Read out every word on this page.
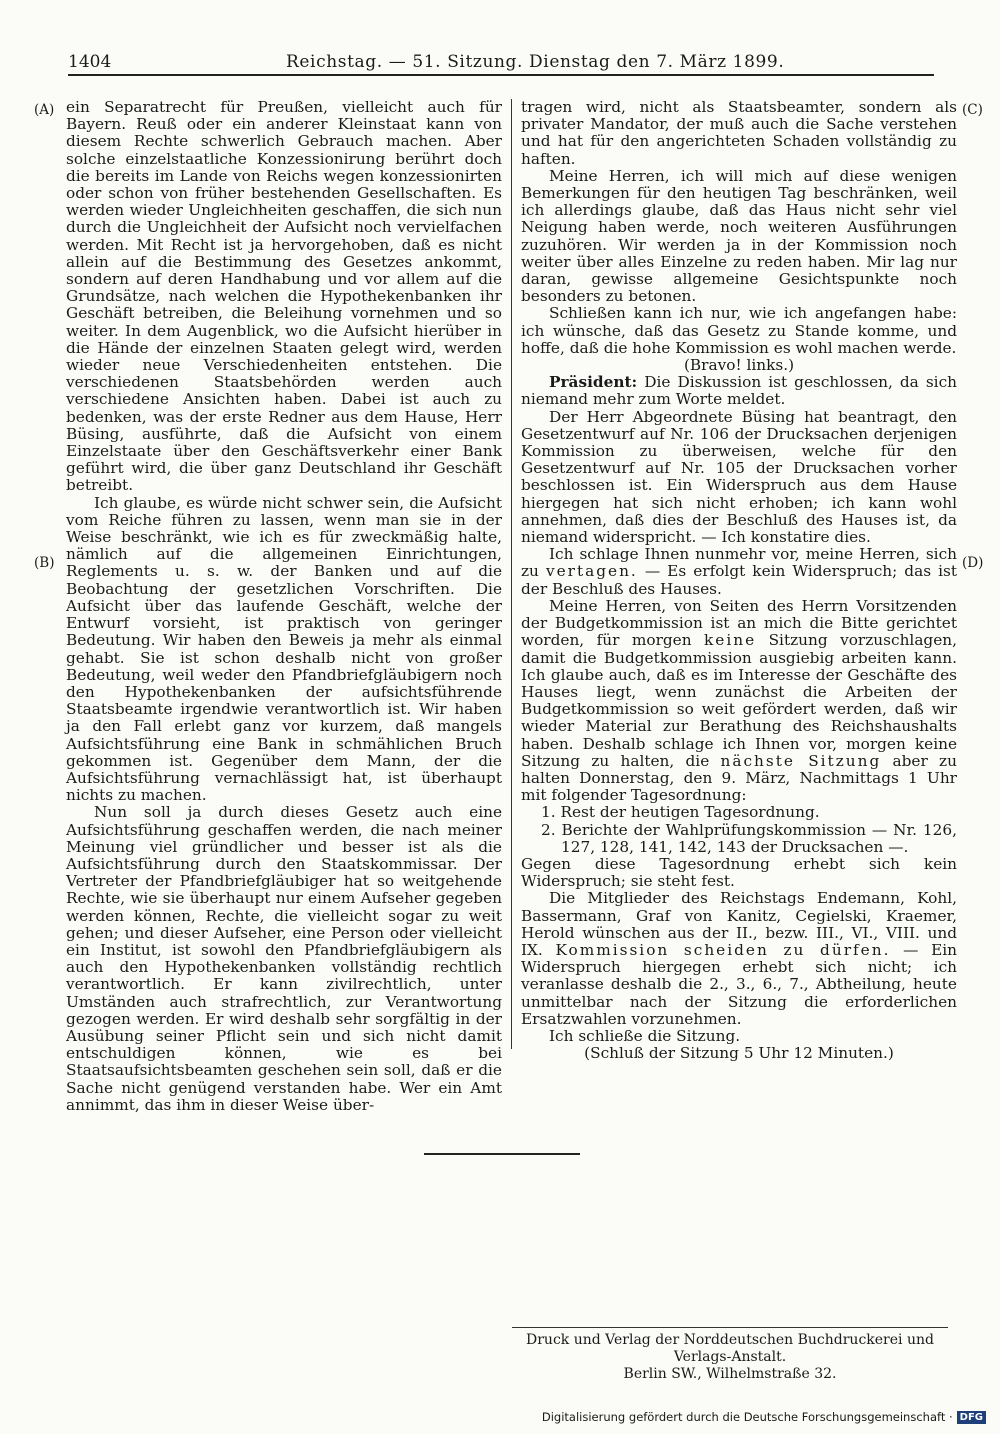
1404	Reichstag. — 51. Sitzung. Dienstag den 7. März 1899.
(A)
(B)
(C)
(D)

ein Separatrecht für Preußen, vielleicht auch für Bayern. Reuß oder ein anderer Kleinstaat kann von diesem Rechte schwerlich Gebrauch machen. Aber solche einzelstaatliche Konzessionirung berührt doch die bereits im Lande von Reichs wegen konzessionirten oder schon von früher bestehenden Gesellschaften. Es werden wieder Ungleichheiten geschaffen, die sich nun durch die Ungleichheit der Aufsicht noch vervielfachen werden. Mit Recht ist ja hervorgehoben, daß es nicht allein auf die Bestimmung des Gesetzes ankommt, sondern auf deren Handhabung und vor allem auf die Grundsätze, nach welchen die Hypothekenbanken ihr Geschäft betreiben, die Beleihung vornehmen und so weiter. In dem Augenblick, wo die Aufsicht hierüber in die Hände der einzelnen Staaten gelegt wird, werden wieder neue Verschiedenheiten entstehen. Die verschiedenen Staatsbehörden werden auch verschiedene Ansichten haben. Dabei ist auch zu bedenken, was der erste Redner aus dem Hause, Herr Büsing, ausführte, daß die Aufsicht von einem Einzelstaate über den Geschäftsverkehr einer Bank geführt wird, die über ganz Deutschland ihr Geschäft betreibt.

Ich glaube, es würde nicht schwer sein, die Aufsicht vom Reiche führen zu lassen, wenn man sie in der Weise beschränkt, wie ich es für zweckmäßig halte, nämlich auf die allgemeinen Einrichtungen, Reglements u. s. w. der Banken und auf die Beobachtung der gesetzlichen Vorschriften. Die Aufsicht über das laufende Geschäft, welche der Entwurf vorsieht, ist praktisch von geringer Bedeutung. Wir haben den Beweis ja mehr als einmal gehabt. Sie ist schon deshalb nicht von großer Bedeutung, weil weder den Pfandbriefgläubigern noch den Hypothekenbanken der aufsichtsführende Staatsbeamte irgendwie verantwortlich ist. Wir haben ja den Fall erlebt ganz vor kurzem, daß mangels Aufsichtsführung eine Bank in schmählichen Bruch gekommen ist. Gegenüber dem Mann, der die Aufsichtsführung vernachlässigt hat, ist überhaupt nichts zu machen.

Nun soll ja durch dieses Gesetz auch eine Aufsichtsführung geschaffen werden, die nach meiner Meinung viel gründlicher und besser ist als die Aufsichtsführung durch den Staatskommissar. Der Vertreter der Pfandbriefgläubiger hat so weitgehende Rechte, wie sie überhaupt nur einem Aufseher gegeben werden können, Rechte, die vielleicht sogar zu weit gehen; und dieser Aufseher, eine Person oder vielleicht ein Institut, ist sowohl den Pfandbriefgläubigern als auch den Hypothekenbanken vollständig rechtlich verantwortlich. Er kann zivilrechtlich, unter Umständen auch strafrechtlich, zur Verantwortung gezogen werden. Er wird deshalb sehr sorgfältig in der Ausübung seiner Pflicht sein und sich nicht damit entschuldigen können, wie es bei Staatsaufsichtsbeamten geschehen sein soll, daß er die Sache nicht genügend verstanden habe. Wer ein Amt annimmt, das ihm in dieser Weise über-

tragen wird, nicht als Staatsbeamter, sondern als privater Mandator, der muß auch die Sache verstehen und hat für den angerichteten Schaden vollständig zu haften.

Meine Herren, ich will mich auf diese wenigen Bemerkungen für den heutigen Tag beschränken, weil ich allerdings glaube, daß das Haus nicht sehr viel Neigung haben werde, noch weiteren Ausführungen zuzuhören. Wir werden ja in der Kommission noch weiter über alles Einzelne zu reden haben. Mir lag nur daran, gewisse allgemeine Gesichtspunkte noch besonders zu betonen.

Schließen kann ich nur, wie ich angefangen habe: ich wünsche, daß das Gesetz zu Stande komme, und hoffe, daß die hohe Kommission es wohl machen werde.

(Bravo! links.)

Präsident: Die Diskussion ist geschlossen, da sich niemand mehr zum Worte meldet.

Der Herr Abgeordnete Büsing hat beantragt, den Gesetzentwurf auf Nr. 106 der Drucksachen derjenigen Kommission zu überweisen, welche für den Gesetzentwurf auf Nr. 105 der Drucksachen vorher beschlossen ist. Ein Widerspruch aus dem Hause hiergegen hat sich nicht erhoben; ich kann wohl annehmen, daß dies der Beschluß des Hauses ist, da niemand widerspricht. — Ich konstatire dies.

Ich schlage Ihnen nunmehr vor, meine Herren, sich zu vertagen. — Es erfolgt kein Widerspruch; das ist der Beschluß des Hauses.

Meine Herren, von Seiten des Herrn Vorsitzenden der Budgetkommission ist an mich die Bitte gerichtet worden, für morgen keine Sitzung vorzuschlagen, damit die Budgetkommission ausgiebig arbeiten kann. Ich glaube auch, daß es im Interesse der Geschäfte des Hauses liegt, wenn zunächst die Arbeiten der Budgetkommission so weit gefördert werden, daß wir wieder Material zur Berathung des Reichshaushalts haben. Deshalb schlage ich Ihnen vor, morgen keine Sitzung zu halten, die nächste Sitzung aber zu halten Donnerstag, den 9. März, Nachmittags 1 Uhr mit folgender Tagesordnung:

1. Rest der heutigen Tagesordnung.

2. Berichte der Wahlprüfungskommission — Nr. 126, 127, 128, 141, 142, 143 der Drucksachen —.

Gegen diese Tagesordnung erhebt sich kein Widerspruch; sie steht fest.

Die Mitglieder des Reichstags Endemann, Kohl, Bassermann, Graf von Kanitz, Cegielski, Kraemer, Herold wünschen aus der II., bezw. III., VI., VIII. und IX. Kommission scheiden zu dürfen. — Ein Widerspruch hiergegen erhebt sich nicht; ich veranlasse deshalb die 2., 3., 6., 7., Abtheilung, heute unmittelbar nach der Sitzung die erforderlichen Ersatzwahlen vorzunehmen.

Ich schließe die Sitzung.

(Schluß der Sitzung 5 Uhr 12 Minuten.)

Druck und Verlag der Norddeutschen Buchdruckerei und Verlags-Anstalt.
Berlin SW., Wilhelmstraße 32.
Digitalisierung gefördert durch die Deutsche Forschungsgemeinschaft · DFG
